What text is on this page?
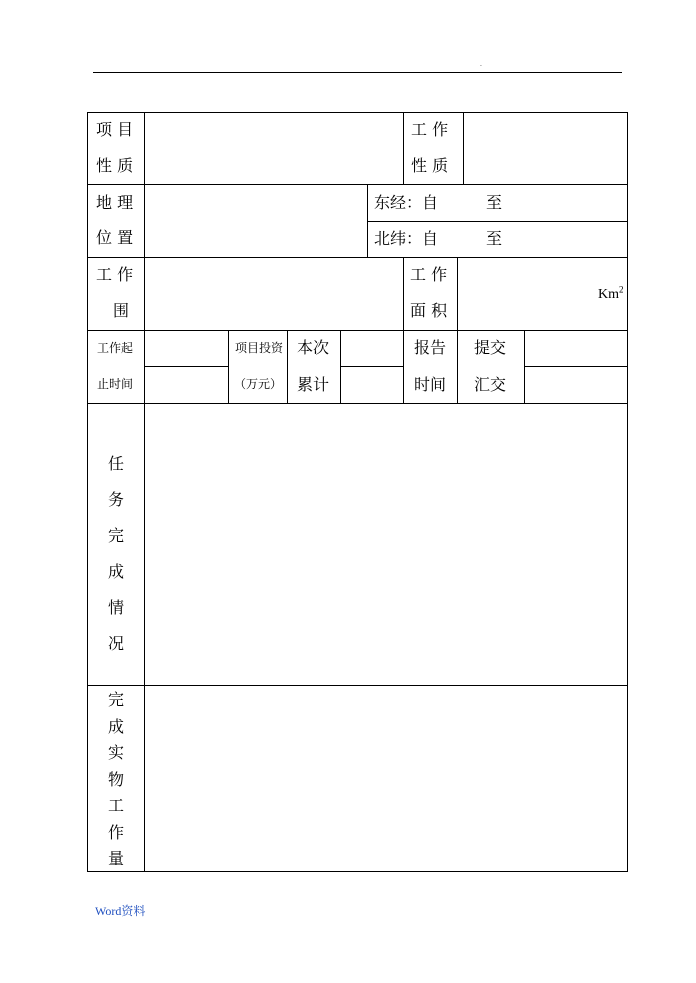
.
项 目
性 质
工 作
性 质
地 理
位 置
东经：自	至
北纬：自	至
工 作
围
工 作
面 积
Km$^2$
工作起
止时间
项目投资
（万元）
本次
累计
报告
时间
提交
汇交
任务完成情况
完成实物工作量
Word资料
